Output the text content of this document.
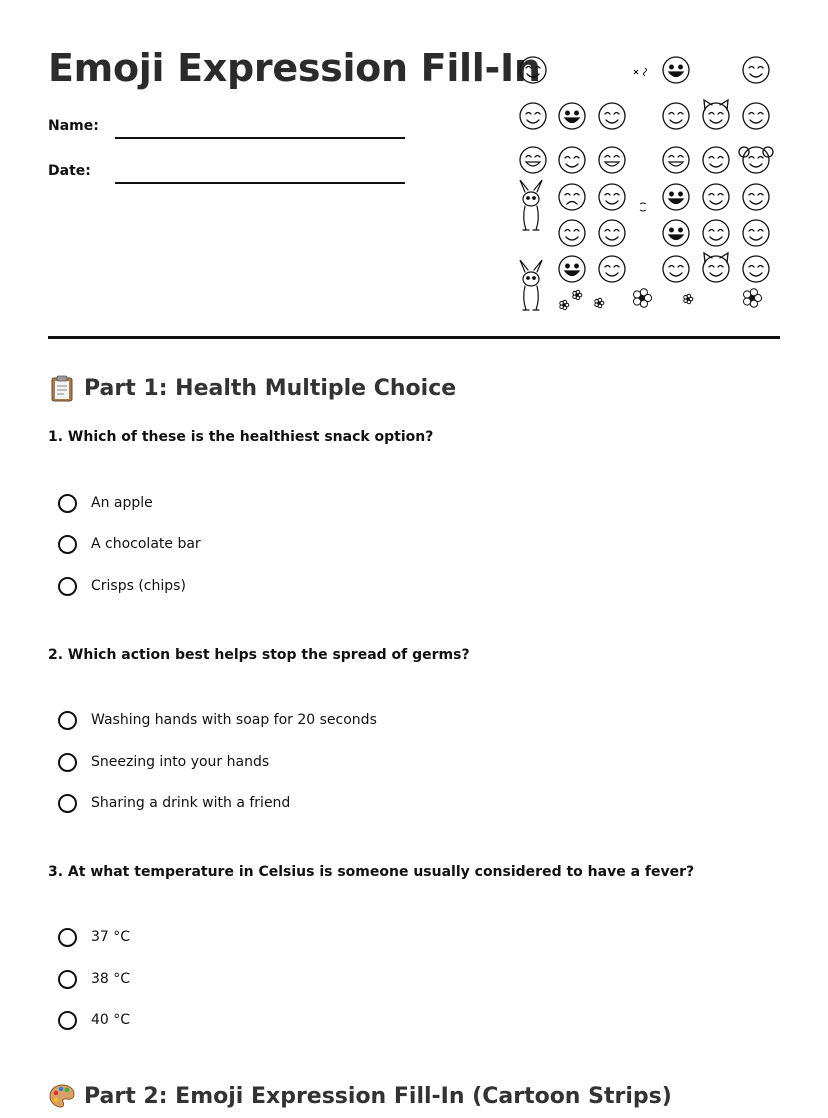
Emoji Expression Fill-In
Name:
Date:
Part 1: Health Multiple Choice

1. Which of these is the healthiest snack option?

An apple
A chocolate bar
Crisps (chips)

2. Which action best helps stop the spread of germs?

Washing hands with soap for 20 seconds
Sneezing into your hands
Sharing a drink with a friend

3. At what temperature in Celsius is someone usually considered to have a fever?

37 °C
38 °C
40 °C
Part 2: Emoji Expression Fill-In (Cartoon Strips)
